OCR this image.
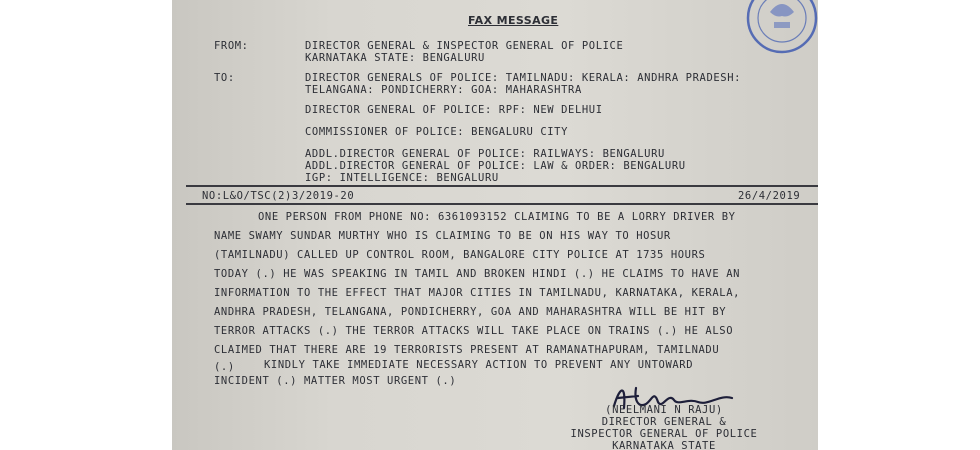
FAX MESSAGE
FROM:	DIRECTOR GENERAL & INSPECTOR GENERAL OF POLICE
KARNATAKA STATE: BENGALURU
TO:	DIRECTOR GENERALS OF POLICE: TAMILNADU: KERALA: ANDHRA PRADESH:
TELANGANA: PONDICHERRY: GOA: MAHARASHTRA
DIRECTOR GENERAL OF POLICE: RPF: NEW DELHUI
COMMISSIONER OF POLICE: BENGALURU CITY
ADDL.DIRECTOR GENERAL OF POLICE: RAILWAYS: BENGALURU
ADDL.DIRECTOR GENERAL OF POLICE: LAW & ORDER: BENGALURU
IGP: INTELLIGENCE: BENGALURU
NO:L&O/TSC(2)3/2019-20	26/4/2019
ONE PERSON FROM PHONE NO: 6361093152 CLAIMING TO BE A LORRY DRIVER BY
NAME SWAMY SUNDAR MURTHY WHO IS CLAIMING TO BE ON HIS WAY TO HOSUR
(TAMILNADU) CALLED UP CONTROL ROOM, BANGALORE CITY POLICE AT 1735 HOURS
TODAY (.) HE WAS SPEAKING IN TAMIL AND BROKEN HINDI (.) HE CLAIMS TO HAVE AN
INFORMATION TO THE EFFECT THAT MAJOR CITIES IN TAMILNADU, KARNATAKA, KERALA,
ANDHRA PRADESH, TELANGANA, PONDICHERRY, GOA AND MAHARASHTRA WILL BE HIT BY
TERROR ATTACKS (.) THE TERROR ATTACKS WILL TAKE PLACE ON TRAINS (.) HE ALSO
CLAIMED THAT THERE ARE 19 TERRORISTS PRESENT AT RAMANATHAPURAM, TAMILNADU
(.)	KINDLY TAKE IMMEDIATE NECESSARY ACTION TO PREVENT ANY UNTOWARD
INCIDENT (.) MATTER MOST URGENT (.)
(NEELMANI N RAJU)
DIRECTOR GENERAL &
INSPECTOR GENERAL OF POLICE
KARNATAKA STATE
